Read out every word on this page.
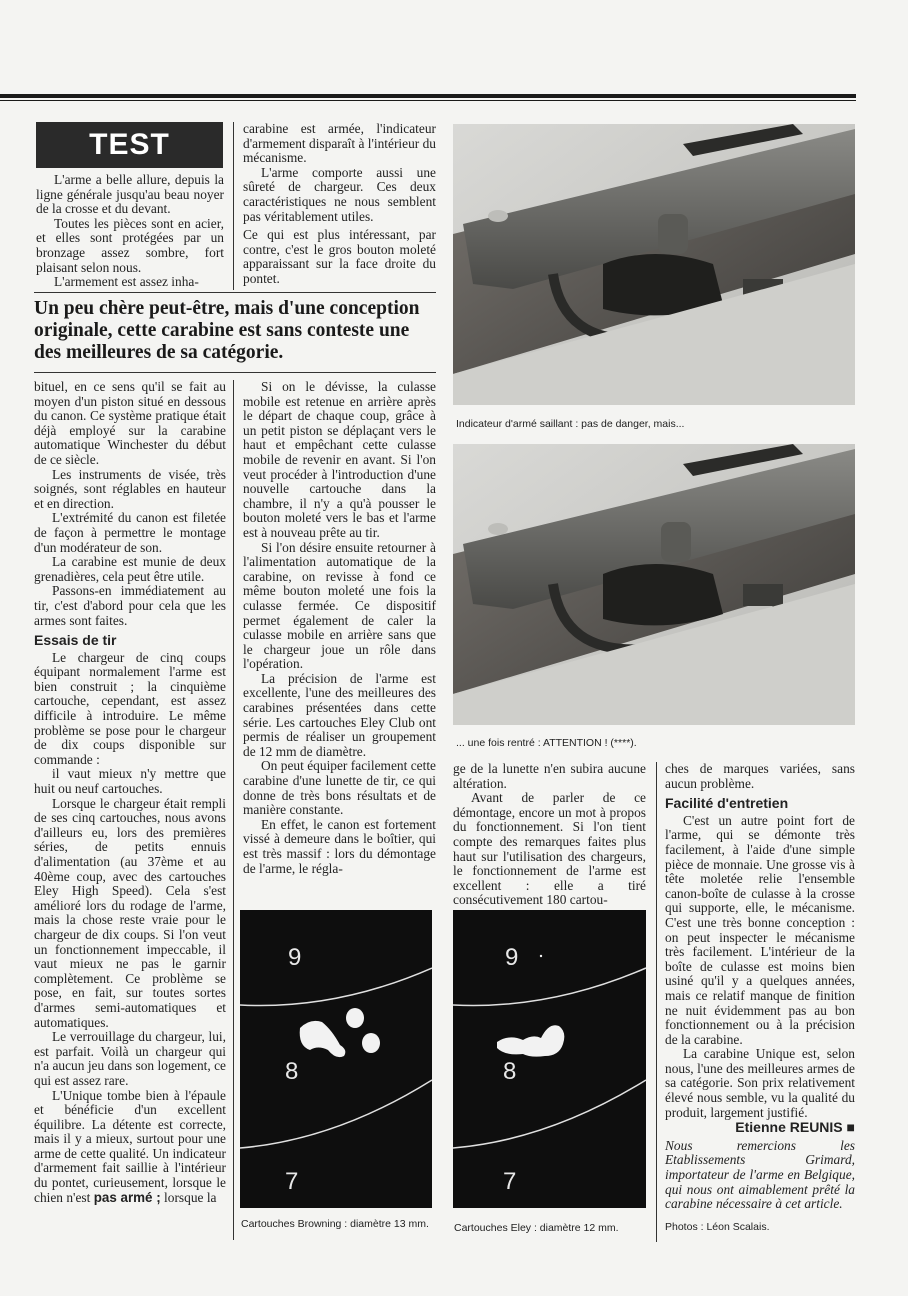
TEST

L'arme a belle allure, depuis la ligne générale jusqu'au beau noyer de la crosse et du devant.

Toutes les pièces sont en acier, et elles sont protégées par un bronzage assez sombre, fort plaisant selon nous.

L'armement est assez inha-

carabine est armée, l'indicateur d'armement disparaît à l'intérieur du mécanisme.

L'arme comporte aussi une sûreté de chargeur. Ces deux caractéristiques ne nous semblent pas véritablement utiles.

Ce qui est plus intéressant, par contre, c'est le gros bouton moleté apparaissant sur la face droite du pontet.

Un peu chère peut-être, mais d'une conception originale, cette carabine est sans conteste une des meilleures de sa catégorie.
Indicateur d'armé saillant : pas de danger, mais...
... une fois rentré : ATTENTION ! (****).

bituel, en ce sens qu'il se fait au moyen d'un piston situé en dessous du canon. Ce système pratique était déjà employé sur la carabine automatique Winchester du début de ce siècle.

Les instruments de visée, très soignés, sont réglables en hauteur et en direction.

L'extrémité du canon est filetée de façon à permettre le montage d'un modérateur de son.

La carabine est munie de deux grenadières, cela peut être utile.

Passons-en immédiatement au tir, c'est d'abord pour cela que les armes sont faites.

Essais de tir

Le chargeur de cinq coups équipant normalement l'arme est bien construit ; la cinquième cartouche, cependant, est assez difficile à introduire. Le même problème se pose pour le chargeur de dix coups disponible sur commande :

il vaut mieux n'y mettre que huit ou neuf cartouches.

Lorsque le chargeur était rempli de ses cinq cartouches, nous avons d'ailleurs eu, lors des premières séries, de petits ennuis d'alimentation (au 37ème et au 40ème coup, avec des cartouches Eley High Speed). Cela s'est amélioré lors du rodage de l'arme, mais la chose reste vraie pour le chargeur de dix coups. Si l'on veut un fonctionnement impeccable, il vaut mieux ne pas le garnir complètement. Ce problème se pose, en fait, sur toutes sortes d'armes semi-automatiques et automatiques.

Le verrouillage du chargeur, lui, est parfait. Voilà un chargeur qui n'a aucun jeu dans son logement, ce qui est assez rare.

L'Unique tombe bien à l'épaule et bénéficie d'un excellent équilibre. La détente est correcte, mais il y a mieux, surtout pour une arme de cette qualité. Un indicateur d'armement fait saillie à l'intérieur du pontet, curieusement, lorsque le chien n'est pas armé ; lorsque la

Si on le dévisse, la culasse mobile est retenue en arrière après le départ de chaque coup, grâce à un petit piston se déplaçant vers le haut et empêchant cette culasse mobile de revenir en avant. Si l'on veut procéder à l'introduction d'une nouvelle cartouche dans la chambre, il n'y a qu'à pousser le bouton moleté vers le bas et l'arme est à nouveau prête au tir.

Si l'on désire ensuite retourner à l'alimentation automatique de la carabine, on revisse à fond ce même bouton moleté une fois la culasse fermée. Ce dispositif permet également de caler la culasse mobile en arrière sans que le chargeur joue un rôle dans l'opération.

La précision de l'arme est excellente, l'une des meilleures des carabines présentées dans cette série. Les cartouches Eley Club ont permis de réaliser un groupement de 12 mm de diamètre.

On peut équiper facilement cette carabine d'une lunette de tir, ce qui donne de très bons résultats et de manière constante.

En effet, le canon est fortement vissé à demeure dans le boîtier, qui est très massif : lors du démontage de l'arme, le régla-

ge de la lunette n'en subira aucune altération.

Avant de parler de ce démontage, encore un mot à propos du fonctionnement. Si l'on tient compte des remarques faites plus haut sur l'utilisation des chargeurs, le fonctionnement de l'arme est excellent : elle a tiré consécutivement 180 cartou-

ches de marques variées, sans aucun problème.

Facilité d'entretien

C'est un autre point fort de l'arme, qui se démonte très facilement, à l'aide d'une simple pièce de monnaie. Une grosse vis à tête moletée relie l'ensemble canon-boîte de culasse à la crosse qui supporte, elle, le mécanisme. C'est une très bonne conception : on peut inspecter le mécanisme très facilement. L'intérieur de la boîte de culasse est moins bien usiné qu'il y a quelques années, mais ce relatif manque de finition ne nuit évidemment pas au bon fonctionnement ou à la précision de la carabine.

La carabine Unique est, selon nous, l'une des meilleures armes de sa catégorie. Son prix relativement élevé nous semble, vu la qualité du produit, largement justifié.

Etienne REUNIS ■

Nous remercions les Etablissements Grimard, importateur de l'arme en Belgique, qui nous ont aimablement prêté la carabine nécessaire à cet article.

Photos : Léon Scalais.

9
8
7
Cartouches Browning : diamètre 13 mm.
9
8
7
Cartouches Eley : diamètre 12 mm.
